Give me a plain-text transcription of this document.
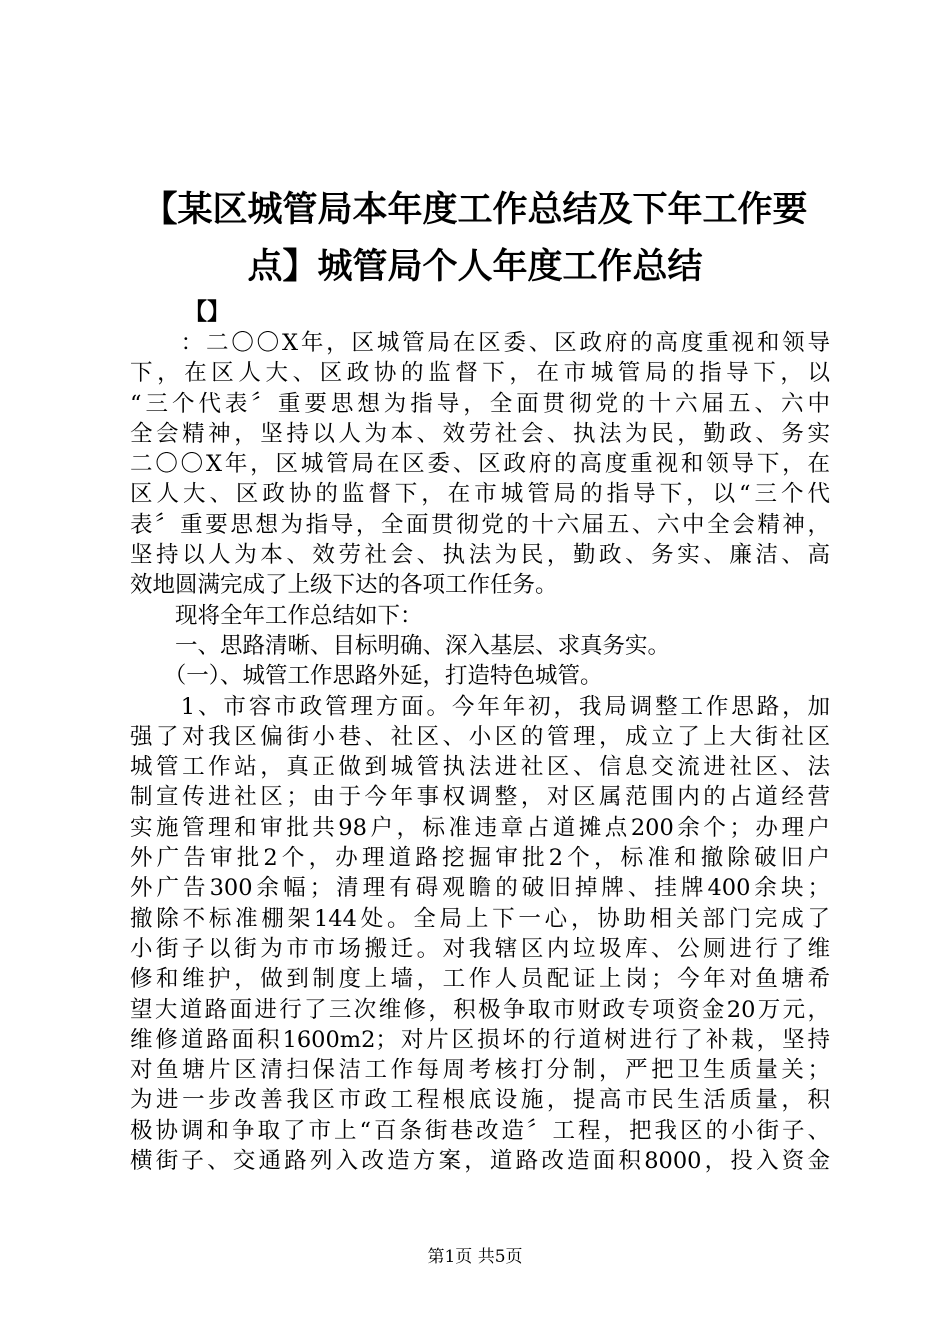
【某区城管局本年度工作总结及下年工作要
点】城管局个人年度工作总结
【】
　　：二〇〇X年，区城管局在区委、区政府的高度重视和领导
下，在区人大、区政协的监督下，在市城管局的指导下，以
“三个代表〞重要思想为指导，全面贯彻党的十六届五、六中
全会精神，坚持以人为本、效劳社会、执法为民，勤政、务实
二〇〇X年，区城管局在区委、区政府的高度重视和领导下，在
区人大、区政协的监督下，在市城管局的指导下，以“三个代
表〞重要思想为指导，全面贯彻党的十六届五、六中全会精神，
坚持以人为本、效劳社会、执法为民，勤政、务实、廉洁、高
效地圆满完成了上级下达的各项工作任务。
　　现将全年工作总结如下：
　　一、思路清晰、目标明确、深入基层、求真务实。
　　（一）、城管工作思路外延，打造特色城管。
　　1、市容市政管理方面。今年年初，我局调整工作思路，加
强了对我区偏街小巷、社区、小区的管理，成立了上大街社区
城管工作站，真正做到城管执法进社区、信息交流进社区、法
制宣传进社区；由于今年事权调整，对区属范围内的占道经营
实施管理和审批共98户，标准违章占道摊点200余个；办理户
外广告审批2个，办理道路挖掘审批2个，标准和撤除破旧户
外广告300余幅；清理有碍观瞻的破旧掉牌、挂牌400余块；
撤除不标准棚架144处。全局上下一心，协助相关部门完成了
小街子以街为市市场搬迁。对我辖区内垃圾库、公厕进行了维
修和维护，做到制度上墙，工作人员配证上岗；今年对鱼塘希
望大道路面进行了三次维修，积极争取市财政专项资金20万元，
维修道路面积1600m2；对片区损坏的行道树进行了补栽，坚持
对鱼塘片区清扫保洁工作每周考核打分制，严把卫生质量关；
为进一步改善我区市政工程根底设施，提高市民生活质量，积
极协调和争取了市上“百条街巷改造〞工程，把我区的小街子、
横街子、交通路列入改造方案，道路改造面积8000，投入资金
第1页 共5页
